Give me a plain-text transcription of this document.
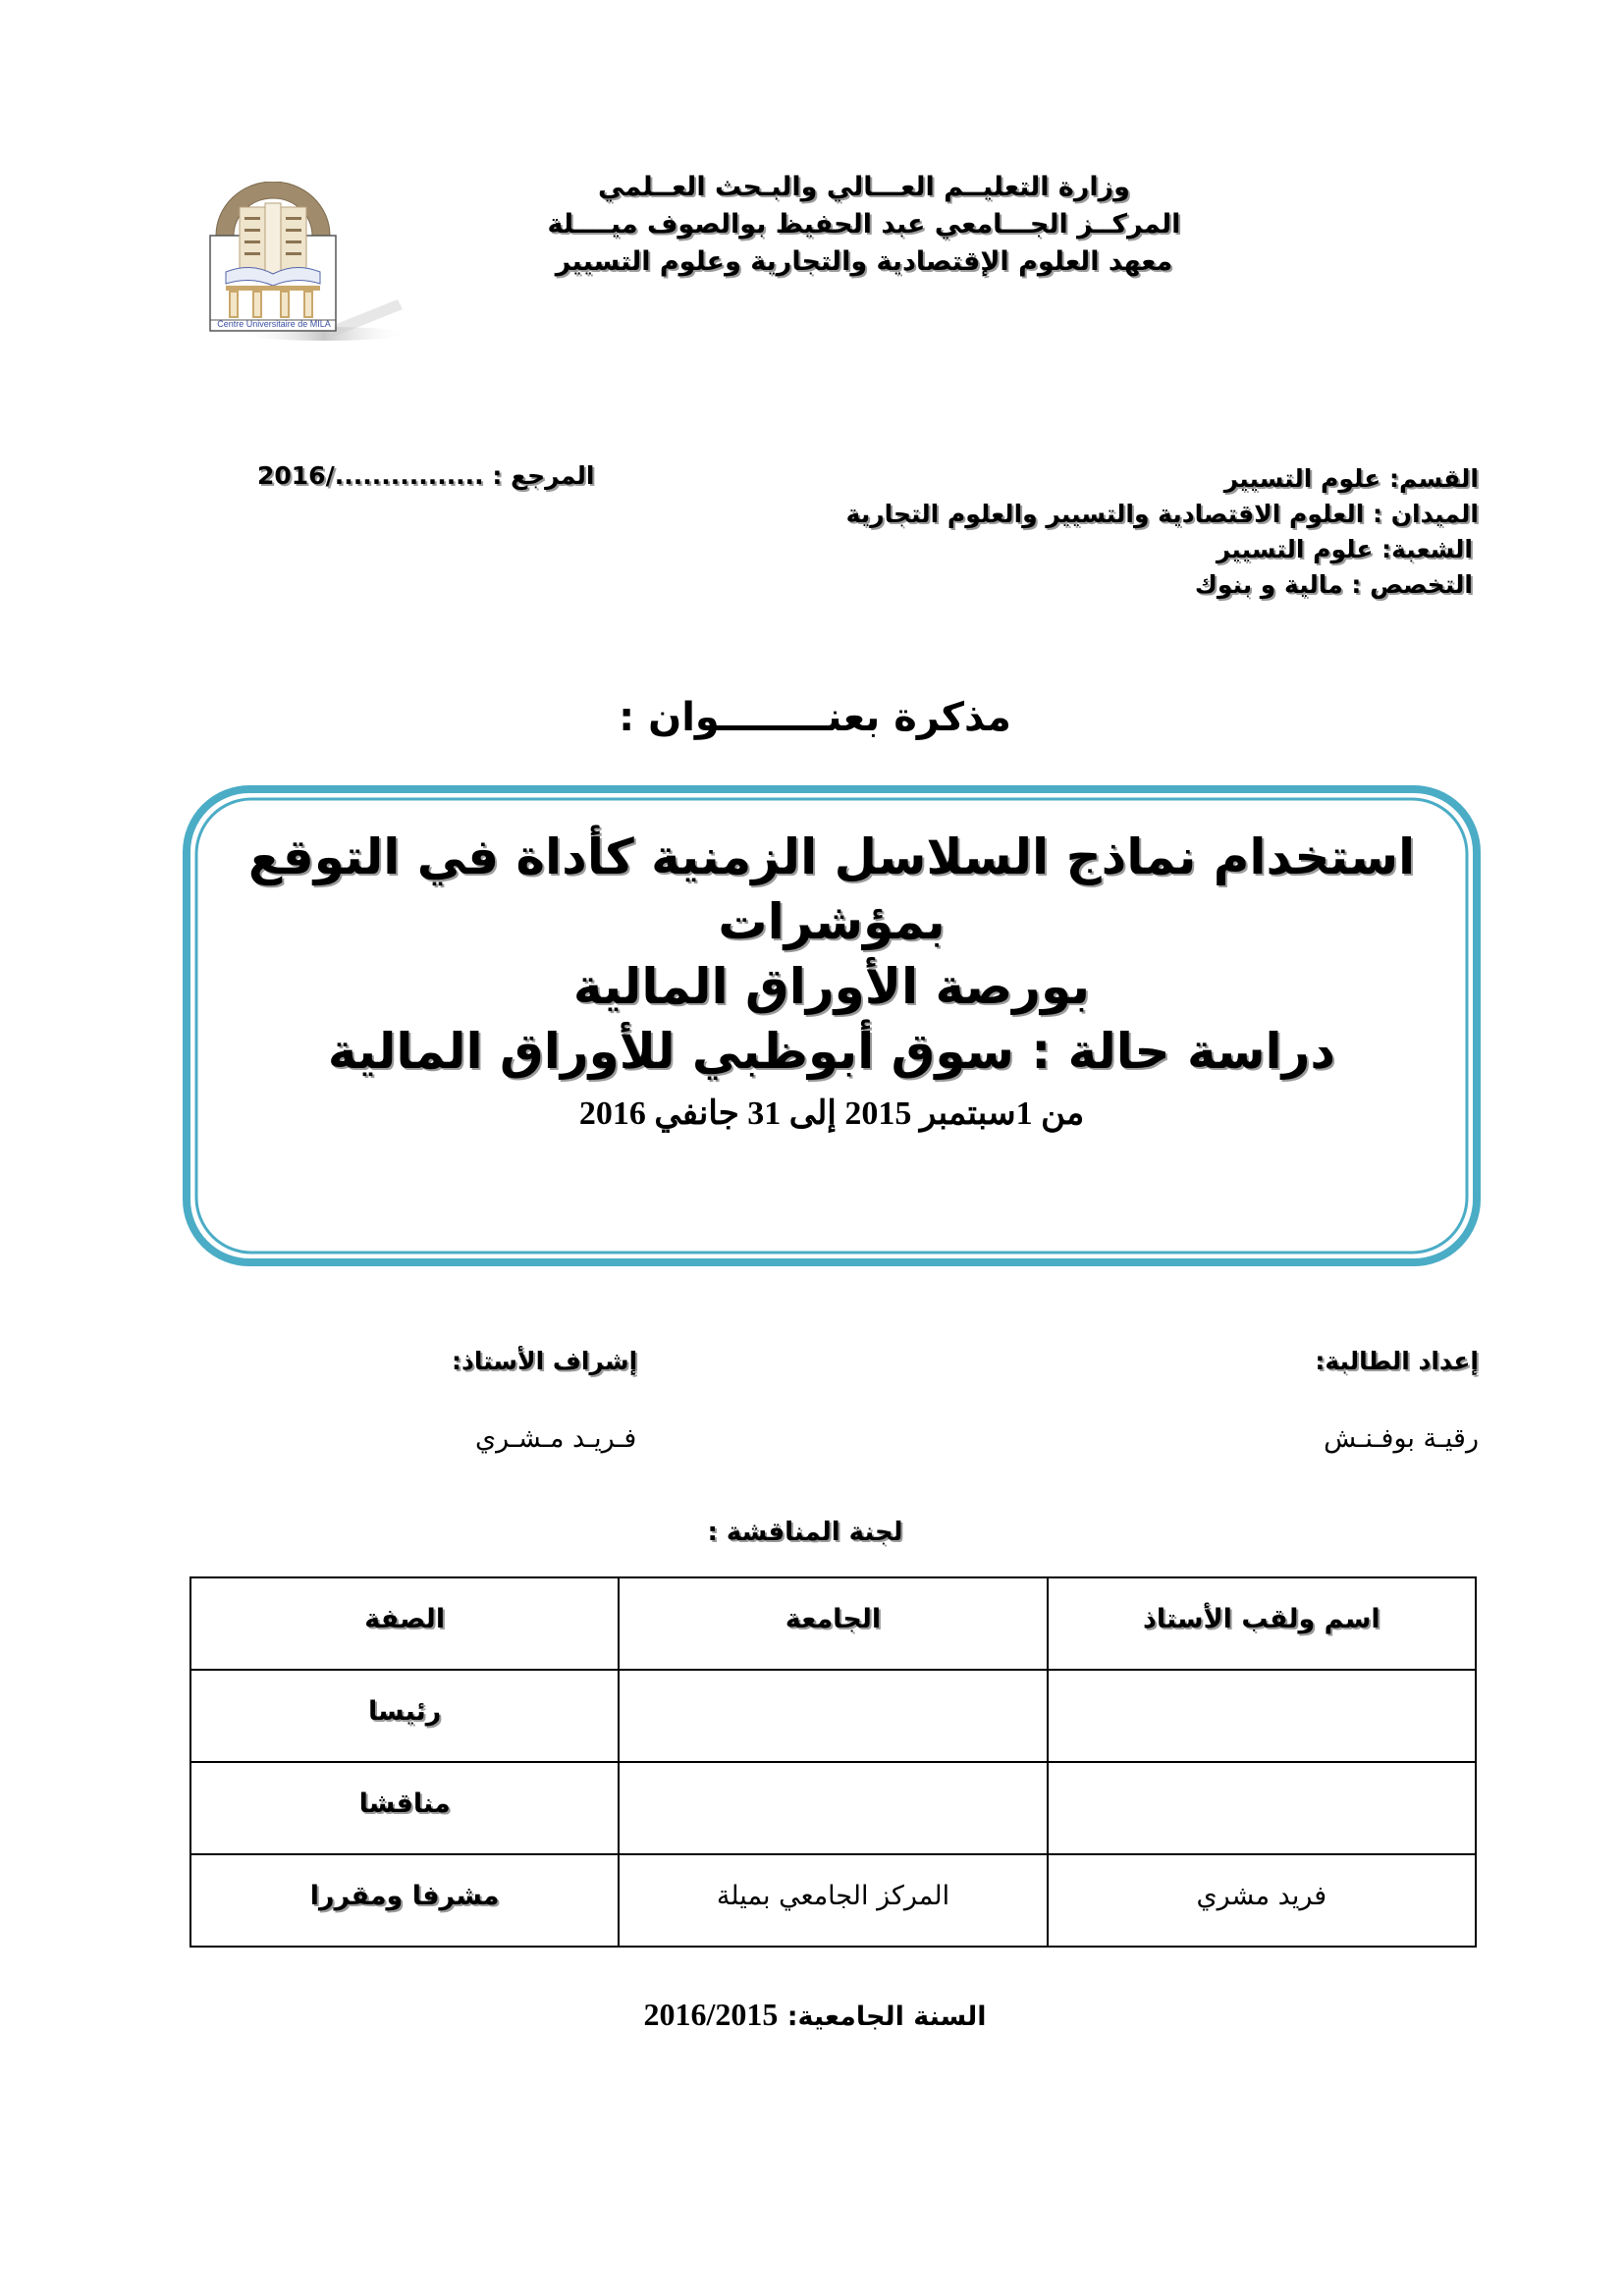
Centre Universitaire de MILA
وزارة التعليــم العـــالي والبـحث العــلمي
المركــز الجـــامعي عبد الحفيظ بوالصوف ميــــلة
معهد العلوم الإقتصادية والتجارية وعلوم التسيير
المرجع : ................/2016	القسم: علوم التسيير
الميدان : العلوم الاقتصادية والتسيير والعلوم التجارية
الشعبة: علوم التسيير
التخصص : مالية و بنوك
مذكرة بعنــــــــوان :
استخدام نماذج السلاسل الزمنية كأداة في التوقع
بمؤشرات
بورصة الأوراق المالية
دراسة حالة : سوق أبوظبي للأوراق المالية
من 1سبتمبر 2015 إلى 31 جانفي 2016
إعداد الطالبة:
رقيـة بوفـنـش
إشراف الأستاذ:
فـريـد مـشـري
لجنة المناقشة :
اسم ولقب الأستاذ	الجامعة	الصفة
		رئيسا
		مناقشا
فريد مشري	المركز الجامعي بميلة	مشرفا ومقررا
السنة الجامعية: 2016/2015
